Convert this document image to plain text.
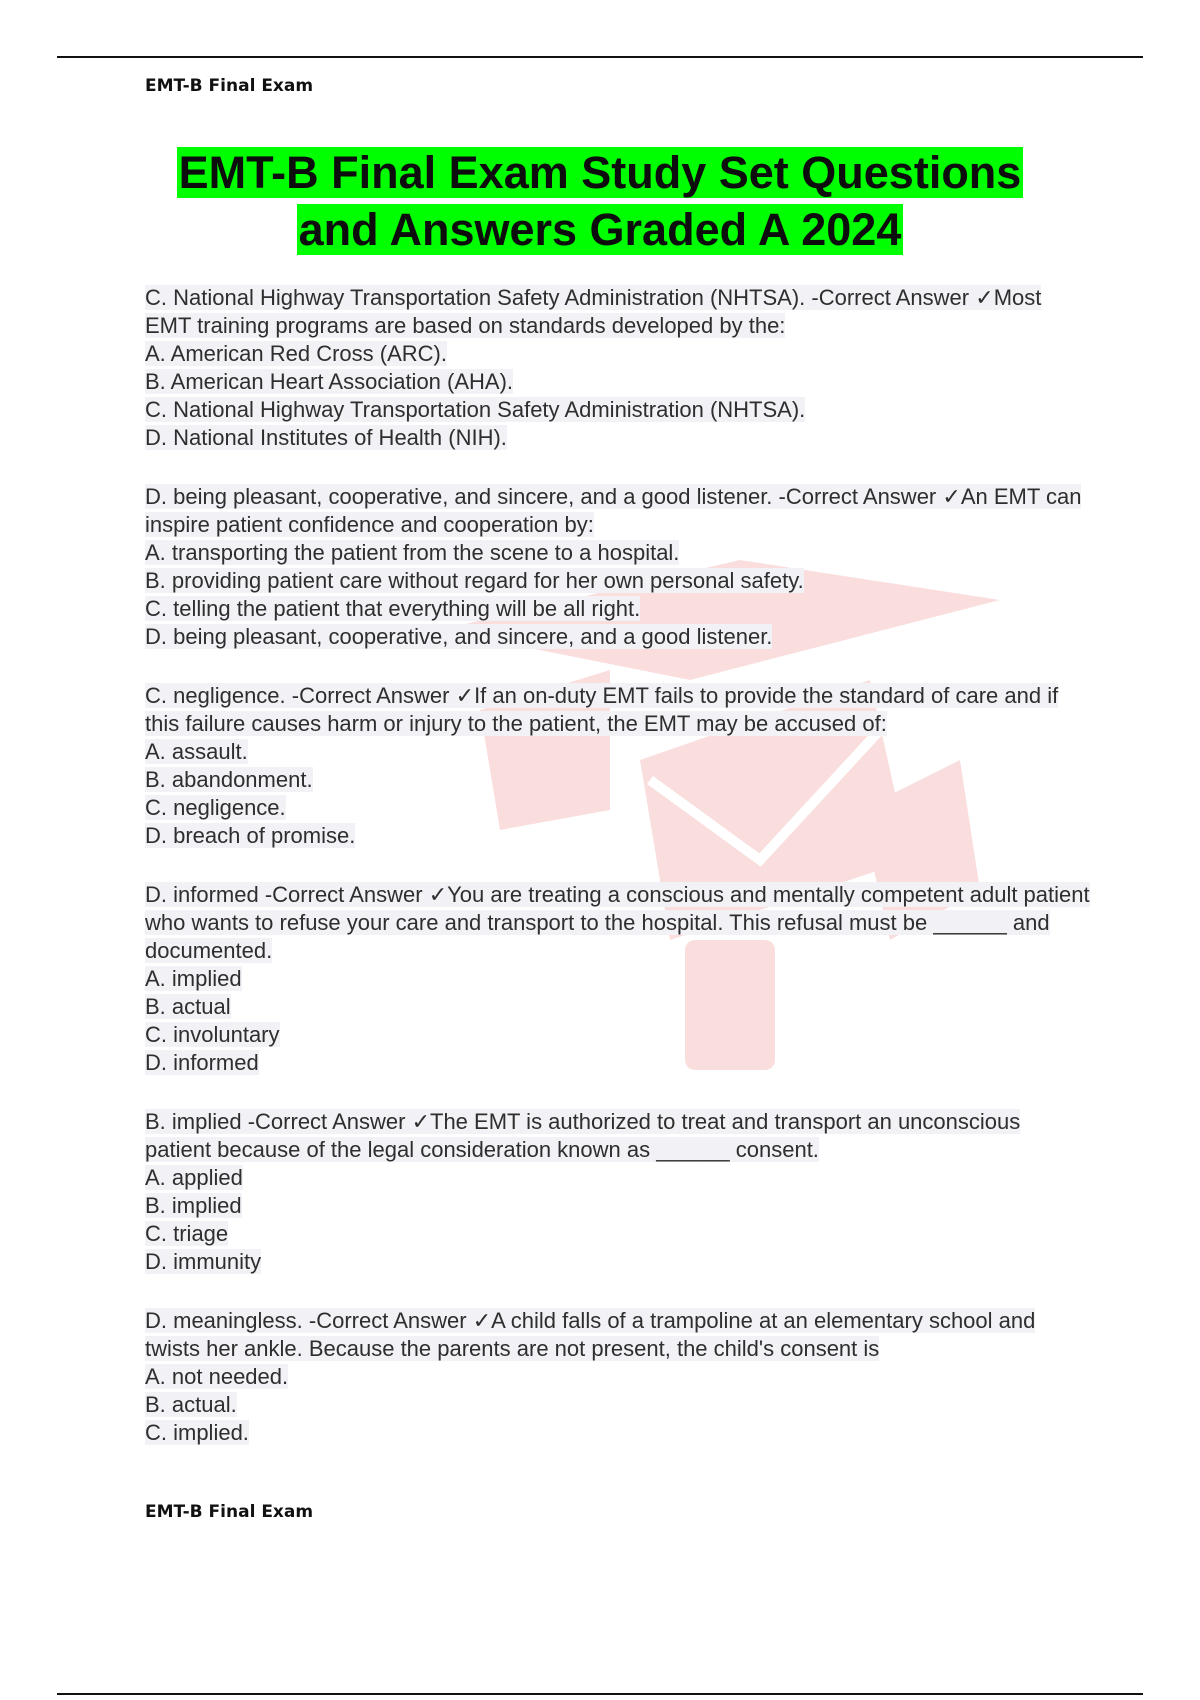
EMT-B Final Exam
EMT-B Final Exam Study Set Questions
and Answers Graded A 2024

C. National Highway Transportation Safety Administration (NHTSA). -Correct Answer ✓Most EMT training programs are based on standards developed by the:

A. American Red Cross (ARC).
B. American Heart Association (AHA).
C. National Highway Transportation Safety Administration (NHTSA).
D. National Institutes of Health (NIH).

D. being pleasant, cooperative, and sincere, and a good listener. -Correct Answer ✓An EMT can inspire patient confidence and cooperation by:

A. transporting the patient from the scene to a hospital.
B. providing patient care without regard for her own personal safety.
C. telling the patient that everything will be all right.
D. being pleasant, cooperative, and sincere, and a good listener.

C. negligence. -Correct Answer ✓If an on-duty EMT fails to provide the standard of care and if this failure causes harm or injury to the patient, the EMT may be accused of:

A. assault.
B. abandonment.
C. negligence.
D. breach of promise.

D. informed -Correct Answer ✓You are treating a conscious and mentally competent adult patient who wants to refuse your care and transport to the hospital. This refusal must be ______ and documented.

A. implied
B. actual
C. involuntary
D. informed

B. implied -Correct Answer ✓The EMT is authorized to treat and transport an unconscious patient because of the legal consideration known as ______ consent.

A. applied
B. implied
C. triage
D. immunity

D. meaningless. -Correct Answer ✓A child falls of a trampoline at an elementary school and twists her ankle. Because the parents are not present, the child's consent is

A. not needed.
B. actual.
C. implied.
EMT-B Final Exam
